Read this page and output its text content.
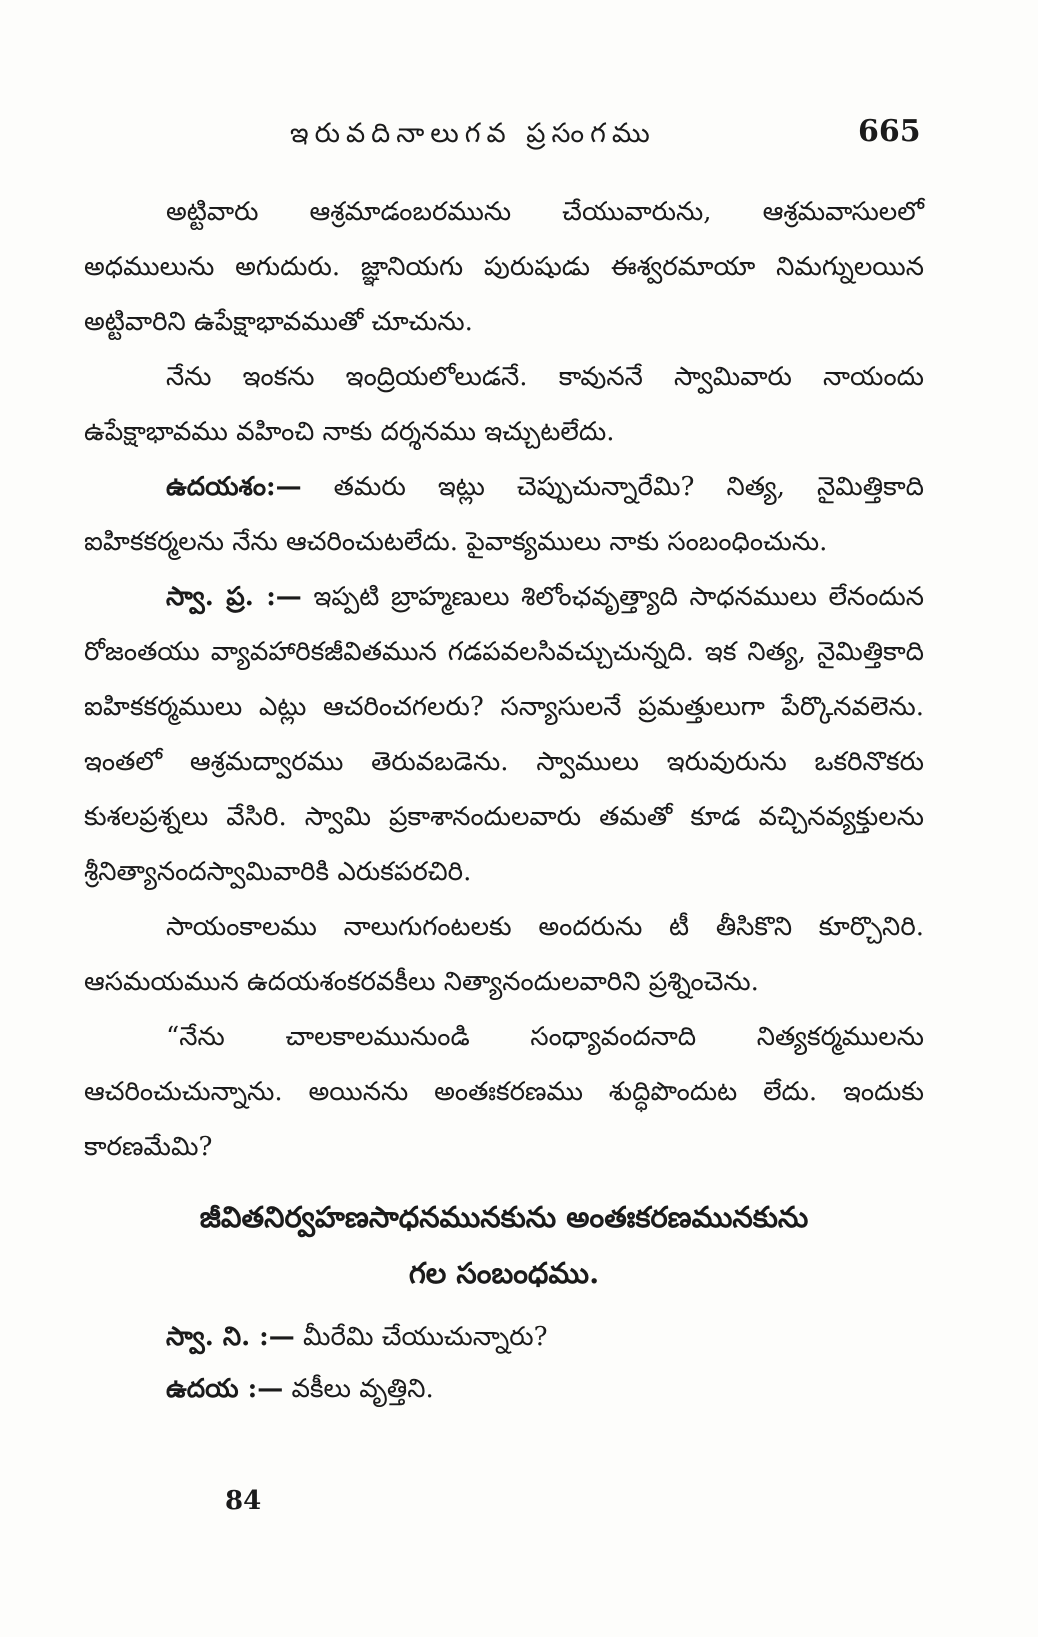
ఇరువదినాలుగవ ప్రసంగము	665

అట్టివారు ఆశ్రమాడంబరమును చేయువారును, ఆశ్రమవాసులలో అధములును అగుదురు. జ్ఞానియగు పురుషుడు ఈశ్వరమాయా నిమగ్నులయిన అట్టివారిని ఉపేక్షాభావముతో చూచును.

నేను ఇంకను ఇంద్రియలోలుడనే. కావుననే స్వామివారు నాయందు ఉపేక్షాభావము వహించి నాకు దర్శనము ఇచ్చుటలేదు.

ఉదయశం:— తమరు ఇట్లు చెప్పుచున్నారేమి? నిత్య, నైమిత్తికాది ఐహికకర్మలను నేను ఆచరించుటలేదు. పైవాక్యములు నాకు సంబంధించును.

స్వా. ప్ర. :— ఇప్పటి బ్రాహ్మణులు శిలోంఛవృత్త్యాది సాధనములు లేనందున రోజంతయు వ్యావహారికజీవితమున గడపవలసివచ్చుచున్నది. ఇక నిత్య, నైమిత్తికాది ఐహికకర్మములు ఎట్లు ఆచరించగలరు? సన్యాసులనే ప్రమత్తులుగా పేర్కొనవలెను. ఇంతలో ఆశ్రమద్వారము తెరువబడెను. స్వాములు ఇరువురును ఒకరినొకరు కుశలప్రశ్నలు వేసిరి. స్వామి ప్రకాశానందులవారు తమతో కూడ వచ్చినవ్యక్తులను శ్రీనిత్యానందస్వామివారికి ఎరుకపరచిరి.

సాయంకాలము నాలుగుగంటలకు అందరును టీ తీసికొని కూర్చొనిరి. ఆసమయమున ఉదయశంకరవకీలు నిత్యానందులవారిని ప్రశ్నించెను.

“నేను చాలకాలమునుండి సంధ్యావందనాది నిత్యకర్మములను ఆచరించుచున్నాను. అయినను అంతఃకరణము శుద్ధిపొందుట లేదు. ఇందుకు కారణమేమి?

జీవితనిర్వహణసాధనమునకును అంతఃకరణమునకును
గల సంబంధము.

స్వా. ని. :— మీరేమి చేయుచున్నారు?

ఉదయ :— వకీలు వృత్తిని.

84
